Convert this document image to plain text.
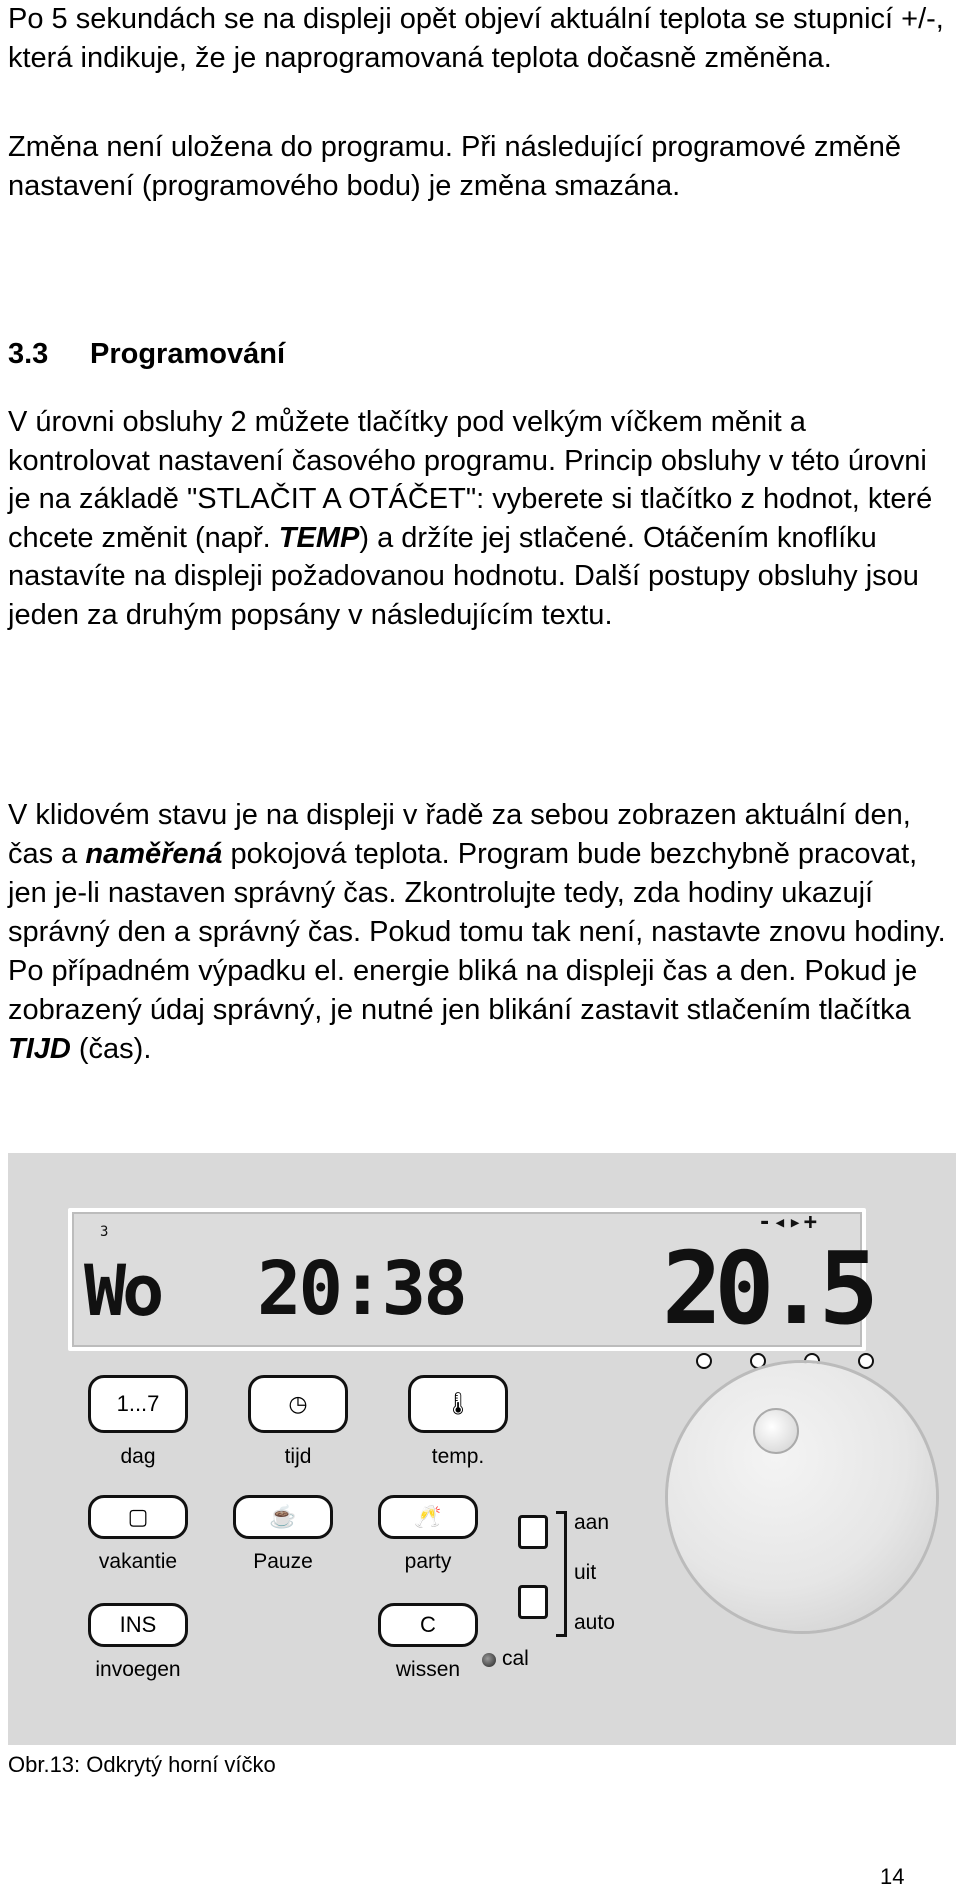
Po 5 sekundách se na displeji opět objeví aktuální teplota se stupnicí +/-, která indikuje, že je naprogramovaná teplota dočasně změněna.

Změna není uložena do programu. Při následující programové změně nastavení (programového bodu) je změna smazána.

3.3 Programování

V úrovni obsluhy 2 můžete tlačítky pod velkým víčkem měnit a kontrolovat nastavení časového programu. Princip obsluhy v této úrovni je na základě "STLAČIT A OTÁČET": vyberete si tlačítko z hodnot, které chcete změnit (např. TEMP) a držíte jej stlačené. Otáčením knoflíku nastavíte na displeji požadovanou hodnotu. Další postupy obsluhy jsou jeden za druhým popsány v následujícím textu.

V klidovém stavu je na displeji v řadě za sebou zobrazen aktuální den, čas a naměřená pokojová teplota. Program bude bezchybně pracovat, jen je-li nastaven správný čas. Zkontrolujte tedy, zda hodiny ukazují správný den a správný čas. Pokud tomu tak není, nastavte znovu hodiny. Po případném výpadku el. energie bliká na displeji čas a den. Pokud je zobrazený údaj správný, je nutné jen blikání zastavit stlačením tlačítka TIJD (čas).

3
Wo 20:38
-◂▸+
20.5
1...7
dag
◷
tijd
🌡
temp.
▢
vakantie
☕
Pauze
🥂
party
INS
invoegen
C
wissen
aan
uit
auto
cal

Obr.13: Odkrytý horní víčko

14
